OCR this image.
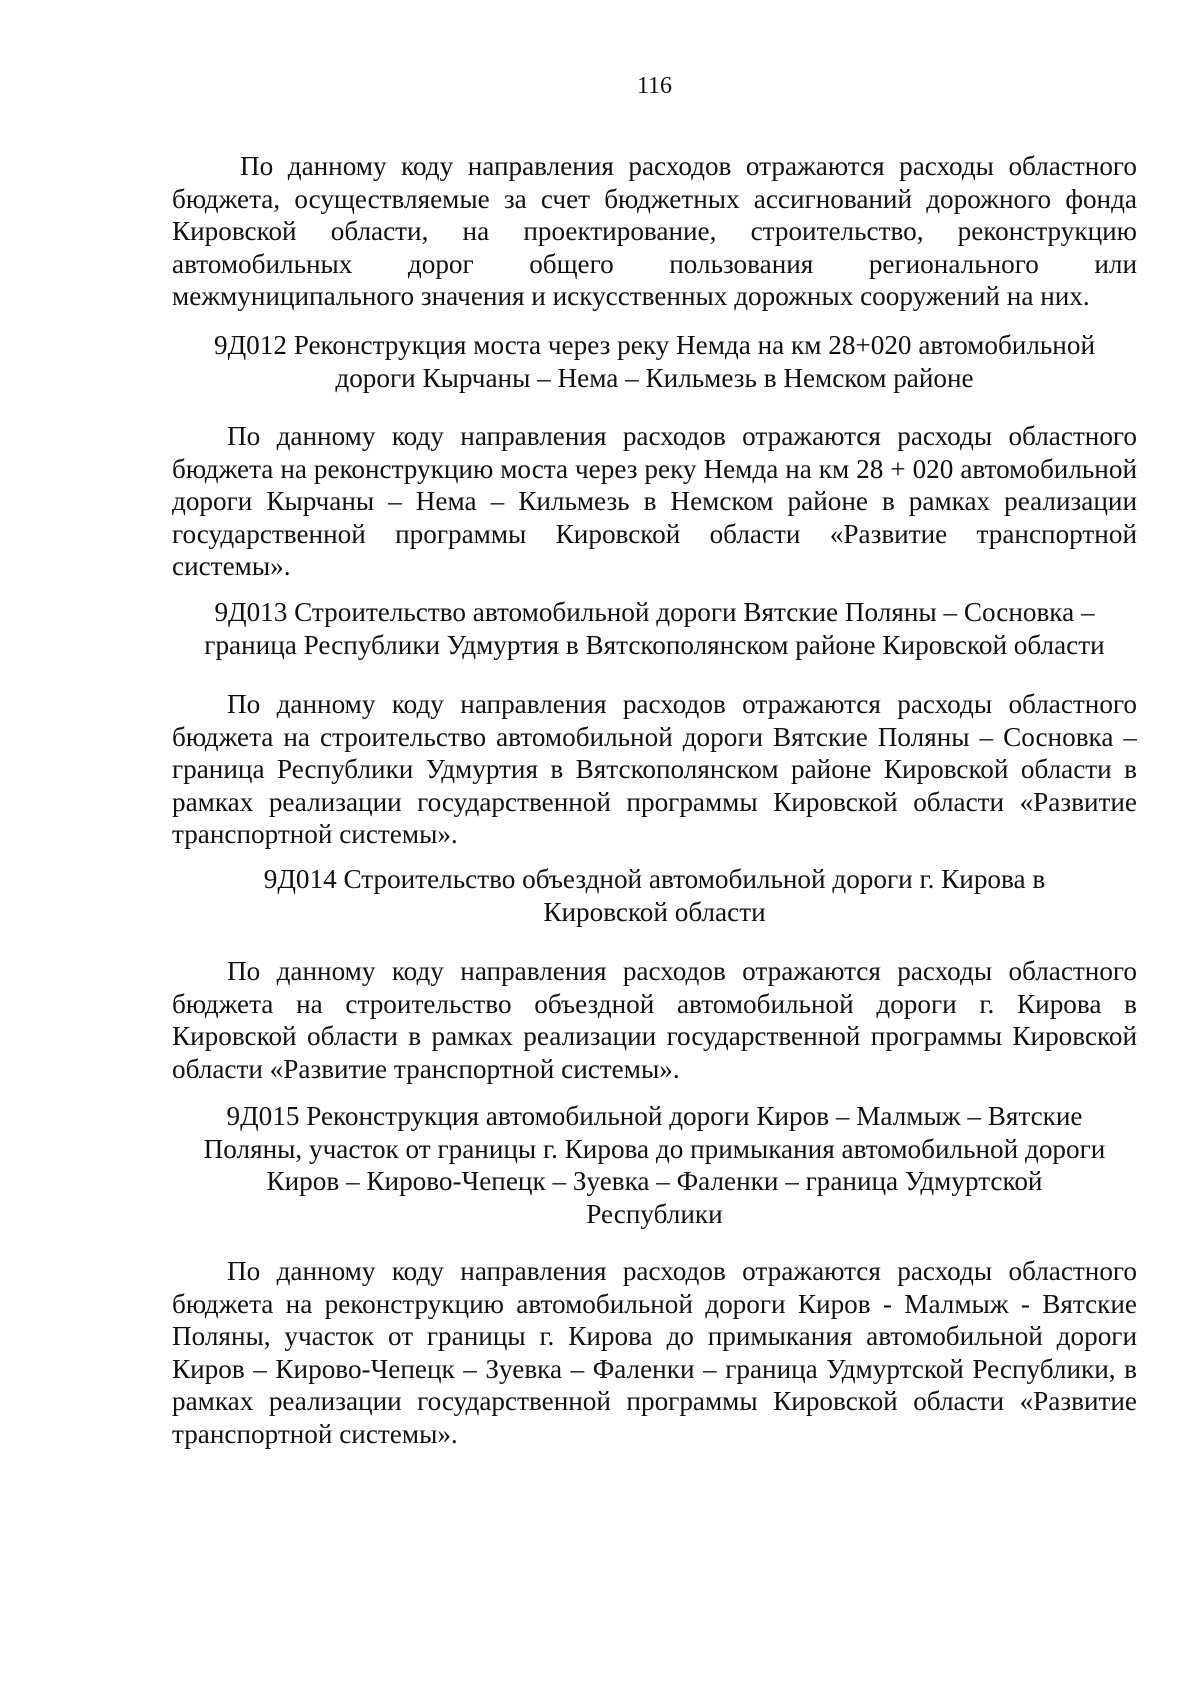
116

По данному коду направления расходов отражаются расходы областного бюджета, осуществляемые за счет бюджетных ассигнований дорожного фонда Кировской области, на проектирование, строительство, реконструкцию автомобильных дорог общего пользования регионального или межмуниципального значения и искусственных дорожных сооружений на них.

9Д012 Реконструкция моста через реку Немда на км 28+020 автомобильной
дороги Кырчаны – Нема – Кильмезь в Немском районе

По данному коду направления расходов отражаются расходы областного бюджета на реконструкцию моста через реку Немда на км 28 + 020 автомобильной дороги Кырчаны – Нема – Кильмезь в Немском районе в рамках реализации государственной программы Кировской области «Развитие транспортной системы».

9Д013 Строительство автомобильной дороги Вятские Поляны – Сосновка –
граница Республики Удмуртия в Вятскополянском районе Кировской области

По данному коду направления расходов отражаются расходы областного бюджета на строительство автомобильной дороги Вятские Поляны – Сосновка – граница Республики Удмуртия в Вятскополянском районе Кировской области в рамках реализации государственной программы Кировской области «Развитие транспортной системы».

9Д014 Строительство объездной автомобильной дороги г. Кирова в
Кировской области

По данному коду направления расходов отражаются расходы областного бюджета на строительство объездной автомобильной дороги г. Кирова в Кировской области в рамках реализации государственной программы Кировской области «Развитие транспортной системы».

9Д015 Реконструкция автомобильной дороги Киров – Малмыж – Вятские
Поляны, участок от границы г. Кирова до примыкания автомобильной дороги
Киров – Кирово-Чепецк – Зуевка – Фаленки – граница Удмуртской
Республики

По данному коду направления расходов отражаются расходы областного бюджета на реконструкцию автомобильной дороги Киров - Малмыж - Вятские Поляны, участок от границы г. Кирова до примыкания автомобильной дороги Киров – Кирово-Чепецк – Зуевка – Фаленки – граница Удмуртской Республики, в рамках реализации государственной программы Кировской области «Развитие транспортной системы».
